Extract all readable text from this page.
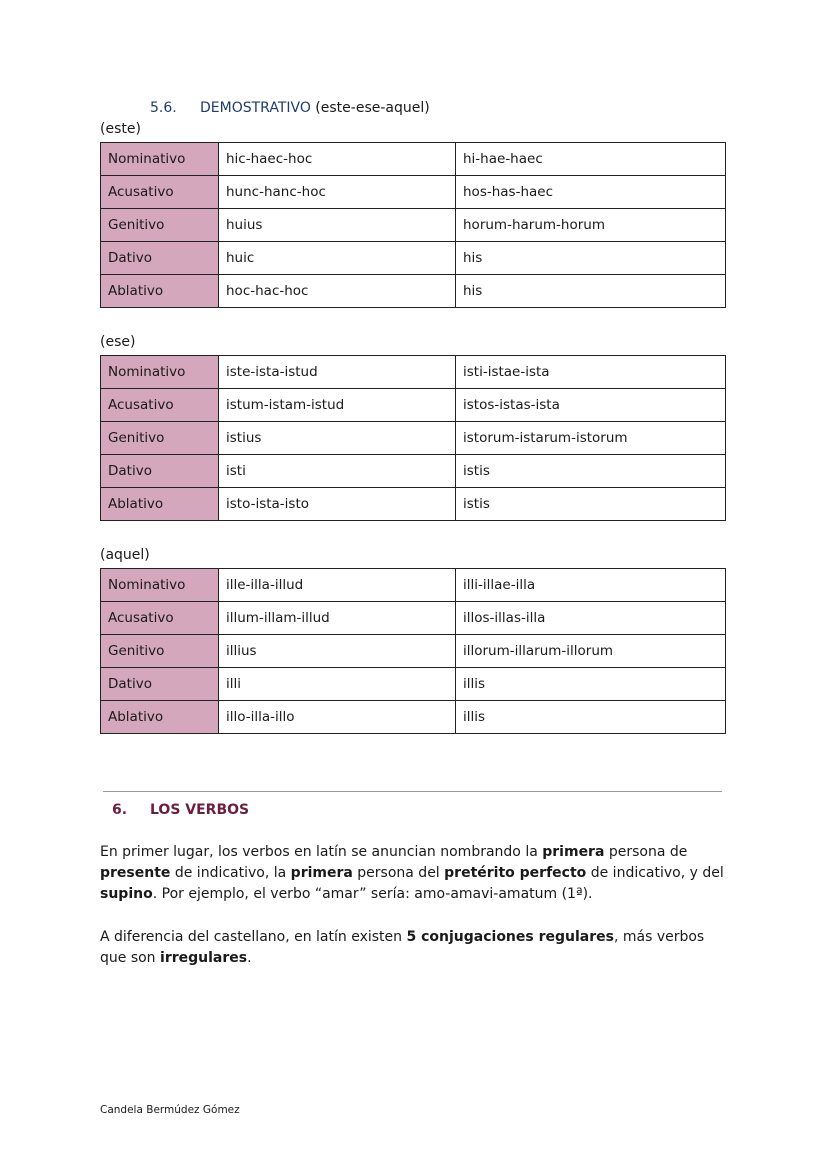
5.6. DEMOSTRATIVO (este-ese-aquel)
(este)
Nominativo	hic-haec-hoc	hi-hae-haec
Acusativo	hunc-hanc-hoc	hos-has-haec
Genitivo	huius	horum-harum-horum
Dativo	huic	his
Ablativo	hoc-hac-hoc	his
(ese)
Nominativo	iste-ista-istud	isti-istae-ista
Acusativo	istum-istam-istud	istos-istas-ista
Genitivo	istius	istorum-istarum-istorum
Dativo	isti	istis
Ablativo	isto-ista-isto	istis
(aquel)
Nominativo	ille-illa-illud	illi-illae-illa
Acusativo	illum-illam-illud	illos-illas-illa
Genitivo	illius	illorum-illarum-illorum
Dativo	illi	illis
Ablativo	illo-illa-illo	illis
6. LOS VERBOS
En primer lugar, los verbos en latín se anuncian nombrando la primera persona de presente de indicativo, la primera persona del pretérito perfecto de indicativo, y del supino. Por ejemplo, el verbo “amar” sería: amo-amavi-amatum (1ª).
A diferencia del castellano, en latín existen 5 conjugaciones regulares, más verbos que son irregulares.
Candela Bermúdez Gómez
